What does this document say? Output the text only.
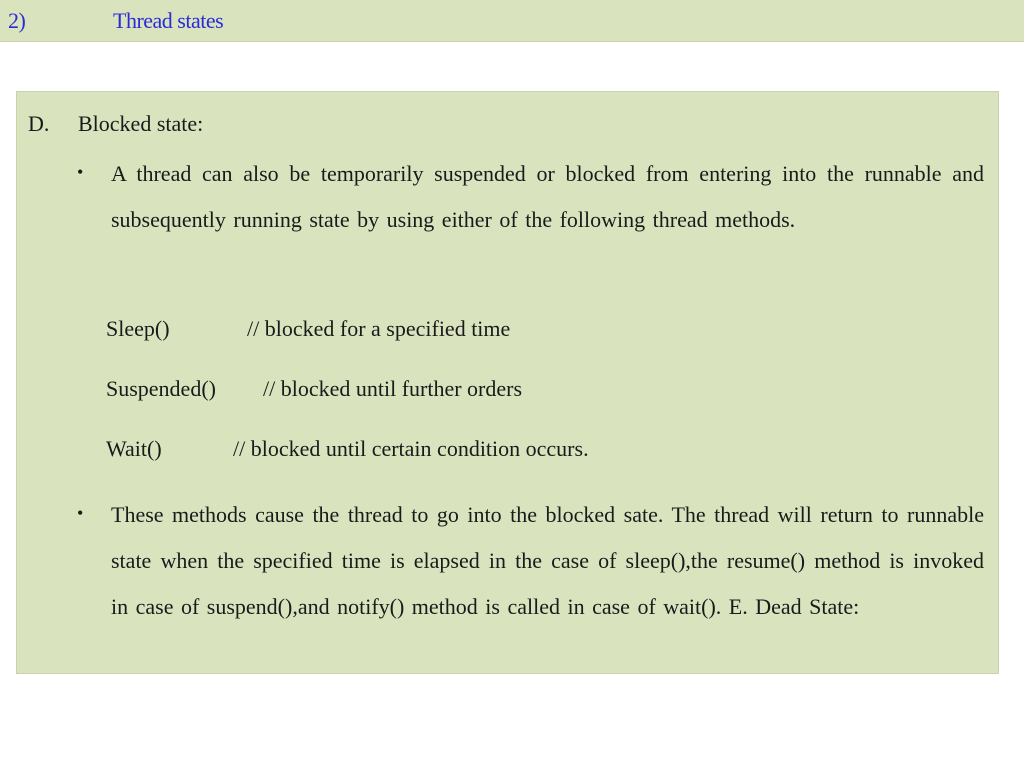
2)	Thread states
D. Blocked state:
• A thread can also be temporarily suspended or blocked from entering into the runnable and subsequently running state by using either of the following thread methods.
Sleep()	// blocked for a specified time
Suspended() // blocked until further orders
Wait()	// blocked until certain condition occurs.
• These methods cause the thread to go into the blocked sate. The thread will return to runnable state when the specified time is elapsed in the case of sleep(),the resume() method is invoked in case of suspend(),and notify() method is called in case of wait(). E. Dead State:
